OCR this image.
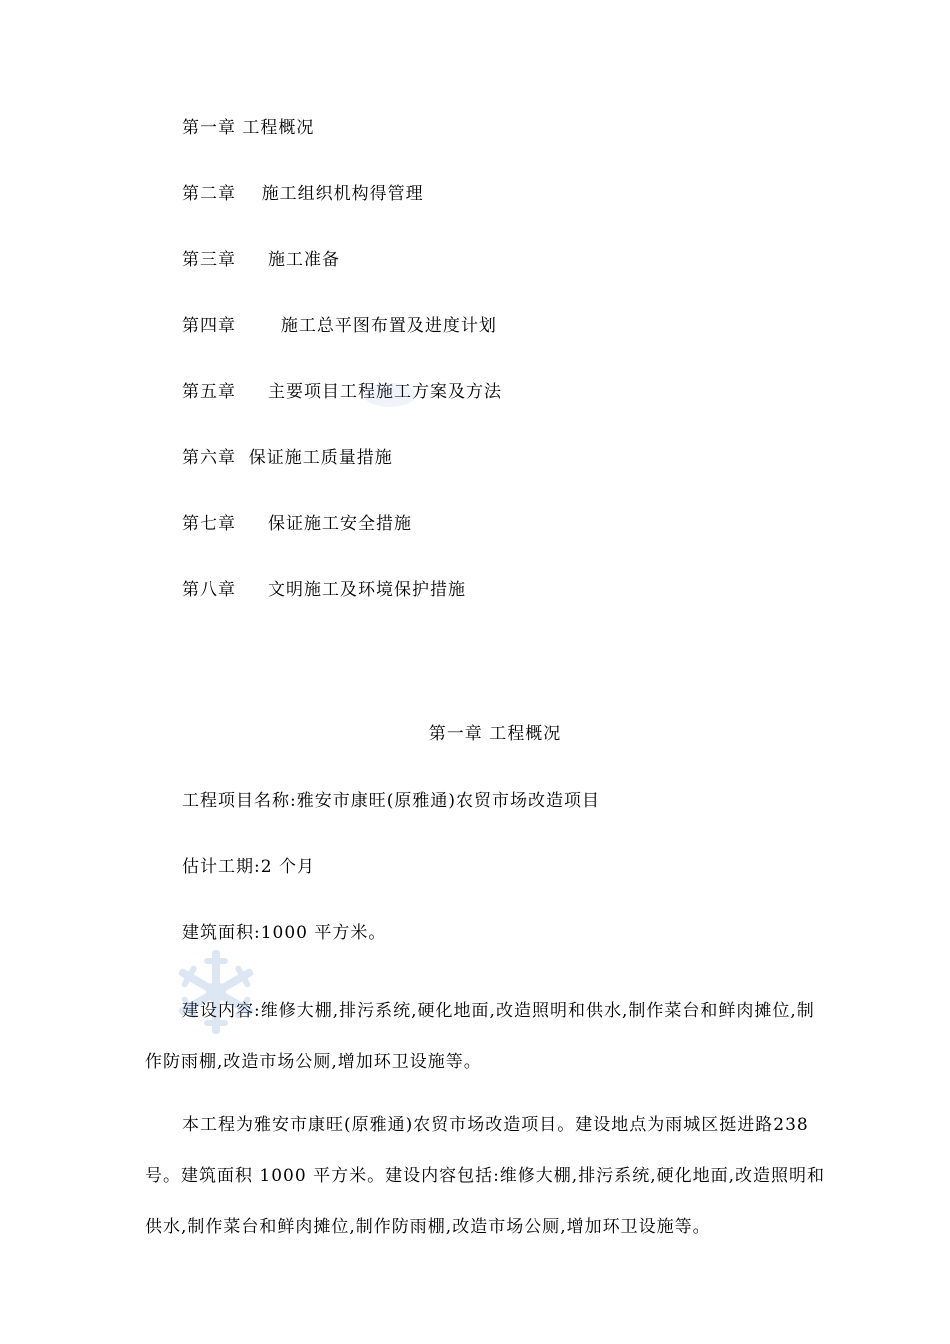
第一章 工程概况
第二章    施工组织机构得管理
第三章     施工准备
第四章       施工总平图布置及进度计划
第五章     主要项目工程施工方案及方法
第六章  保证施工质量措施
第七章     保证施工安全措施
第八章     文明施工及环境保护措施
第一章 工程概况
工程项目名称:雅安市康旺(原雅通)农贸市场改造项目
估计工期:2 个月
建筑面积:1000 平方米。
建设内容:维修大棚,排污系统,硬化地面,改造照明和供水,制作菜台和鲜肉摊位,制作防雨棚,改造市场公厕,增加环卫设施等。
本工程为雅安市康旺(原雅通)农贸市场改造项目。建设地点为雨城区挺进路238 号。建筑面积 1000 平方米。建设内容包括:维修大棚,排污系统,硬化地面,改造照明和供水,制作菜台和鲜肉摊位,制作防雨棚,改造市场公厕,增加环卫设施等。
